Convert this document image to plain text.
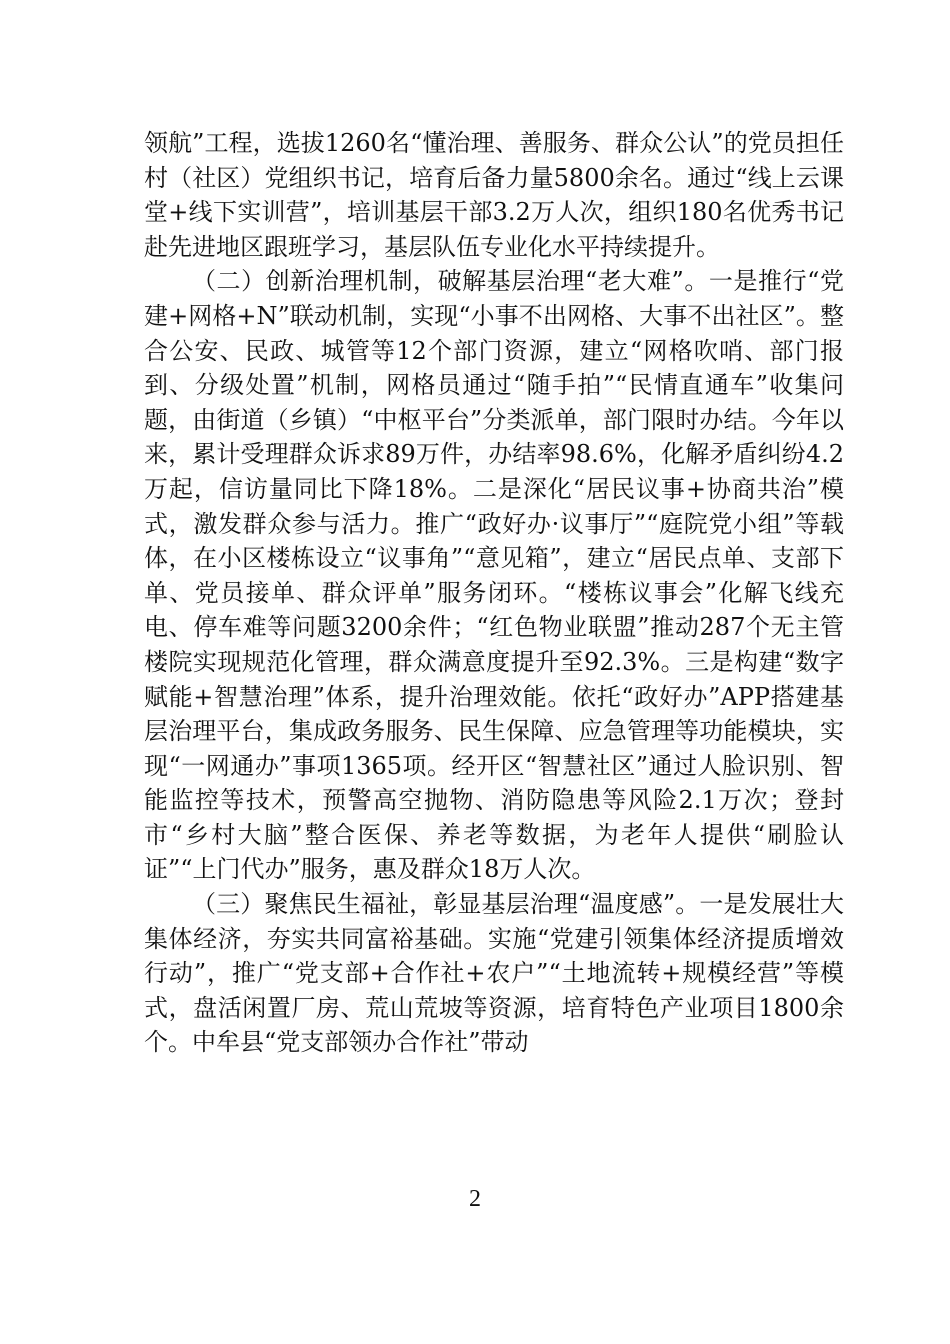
领航”工程，选拔1260名“懂治理、善服务、群众公认”的党员担任村（社区）党组织书记，培育后备力量5800余名。通过“线上云课堂+线下实训营”，培训基层干部3.2万人次，组织180名优秀书记赴先进地区跟班学习，基层队伍专业化水平持续提升。

（二）创新治理机制，破解基层治理“老大难”。一是推行“党建+网格+N”联动机制，实现“小事不出网格、大事不出社区”。整合公安、民政、城管等12个部门资源，建立“网格吹哨、部门报到、分级处置”机制，网格员通过“随手拍”“民情直通车”收集问题，由街道（乡镇）“中枢平台”分类派单，部门限时办结。今年以来，累计受理群众诉求89万件，办结率98.6%，化解矛盾纠纷4.2万起，信访量同比下降18%。二是深化“居民议事+协商共治”模式，激发群众参与活力。推广“政好办·议事厅”“庭院党小组”等载体，在小区楼栋设立“议事角”“意见箱”，建立“居民点单、支部下单、党员接单、群众评单”服务闭环。“楼栋议事会”化解飞线充电、停车难等问题3200余件；“红色物业联盟”推动287个无主管楼院实现规范化管理，群众满意度提升至92.3%。三是构建“数字赋能+智慧治理”体系，提升治理效能。依托“政好办”APP搭建基层治理平台，集成政务服务、民生保障、应急管理等功能模块，实现“一网通办”事项1365项。经开区“智慧社区”通过人脸识别、智能监控等技术，预警高空抛物、消防隐患等风险2.1万次；登封市“乡村大脑”整合医保、养老等数据，为老年人提供“刷脸认证”“上门代办”服务，惠及群众18万人次。

（三）聚焦民生福祉，彰显基层治理“温度感”。一是发展壮大集体经济，夯实共同富裕基础。实施“党建引领集体经济提质增效行动”，推广“党支部+合作社+农户”“土地流转+规模经营”等模式，盘活闲置厂房、荒山荒坡等资源，培育特色产业项目1800余个。中牟县“党支部领办合作社”带动

2
